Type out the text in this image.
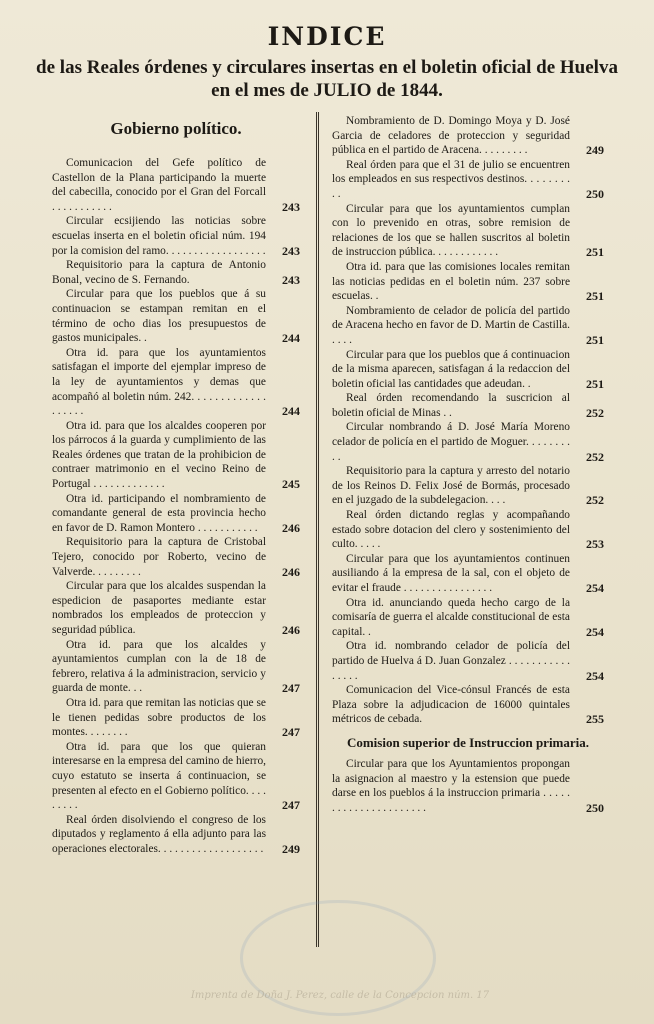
INDICE
de las Reales órdenes y circulares insertas en el boletin oficial de Huelva en el mes de JULIO de 1844.
Gobierno político.
Comunicacion del Gefe político de Castellon de la Plana participando la muerte del cabecilla, conocido por el Gran del Forcall . . . . . . . . . . .	243
Circular ecsijiendo las noticias sobre escuelas inserta en el boletin oficial núm. 194 por la comision del ramo. . . . . . . . . . . . . . . . . .	243
Requisitorio para la captura de Antonio Bonal, vecino de S. Fernando.	243
Circular para que los pueblos que á su continuacion se estampan remitan en el término de ocho dias los presupuestos de gastos municipales. .	244
Otra id. para que los ayuntamientos satisfagan el importe del ejemplar impreso de la ley de ayuntamientos y demas que acompañó al boletin núm. 242. . . . . . . . . . . . . . . . . . .	244
Otra id. para que los alcaldes cooperen por los párrocos á la guarda y cumplimiento de las Reales órdenes que tratan de la prohibicion de contraer matrimonio en el vecino Reino de Portugal . . . . . . . . . . . . .	245
Otra id. participando el nombramiento de comandante general de esta provincia hecho en favor de D. Ramon Montero . . . . . . . . . . .	246
Requisitorio para la captura de Cristobal Tejero, conocido por Roberto, vecino de Valverde. . . . . . . . .	246
Circular para que los alcaldes suspendan la espedicion de pasaportes mediante estar nombrados los empleados de proteccion y seguridad pública.	246
Otra id. para que los alcaldes y ayuntamientos cumplan con la de 18 de febrero, relativa á la administracion, servicio y guarda de monte. . .	247
Otra id. para que remitan las noticias que se le tienen pedidas sobre productos de los montes. . . . . . . .	247
Otra id. para que los que quieran interesarse en la empresa del camino de hierro, cuyo estatuto se inserta á continuacion, se presenten al efecto en el Gobierno político. . . . . . . . .	247
Real órden disolviendo el congreso de los diputados y reglamento á ella adjunto para las operaciones electorales. . . . . . . . . . . . . . . . . . .	249
Nombramiento de D. Domingo Moya y D. José Garcia de celadores de proteccion y seguridad pública en el partido de Aracena. . . . . . . . .	249
Real órden para que el 31 de julio se encuentren los empleados en sus respectivos destinos. . . . . . . . . .	250
Circular para que los ayuntamientos cumplan con lo prevenido en otras, sobre remision de relaciones de los que se hallen suscritos al boletin de instruccion pública. . . . . . . . . . . .	251
Otra id. para que las comisiones locales remitan las noticias pedidas en el boletin núm. 237 sobre escuelas. .	251
Nombramiento de celador de policía del partido de Aracena hecho en favor de D. Martin de Castilla. . . . .	251
Circular para que los pueblos que á continuacion de la misma aparecen, satisfagan á la redaccion del boletin oficial las cantidades que adeudan. .	251
Real órden recomendando la suscricion al boletin oficial de Minas . .	252
Circular nombrando á D. José María Moreno celador de policía en el partido de Moguer. . . . . . . . . .	252
Requisitorio para la captura y arresto del notario de los Reinos D. Felix José de Bormás, procesado en el juzgado de la subdelegacion. . . .	252
Real órden dictando reglas y acompañando estado sobre dotacion del clero y sostenimiento del culto. . . . .	253
Circular para que los ayuntamientos continuen ausiliando á la empresa de la sal, con el objeto de evitar el fraude . . . . . . . . . . . . . . . .	254
Otra id. anunciando queda hecho cargo de la comisaría de guerra el alcalde constitucional de esta capital. .	254
Otra id. nombrando celador de policía del partido de Huelva á D. Juan Gonzalez . . . . . . . . . . . . . . . .	254
Comunicacion del Vice-cónsul Francés de esta Plaza sobre la adjudicacion de 16000 quintales métricos de cebada.	255
Comision superior de Instruccion primaria.
Circular para que los Ayuntamientos propongan la asignacion al maestro y la estension que puede darse en los pueblos á la instruccion primaria . . . . . . . . . . . . . . . . . . . . . .	250
Imprenta de Doña J. Perez, calle de la Concepcion núm. 17
